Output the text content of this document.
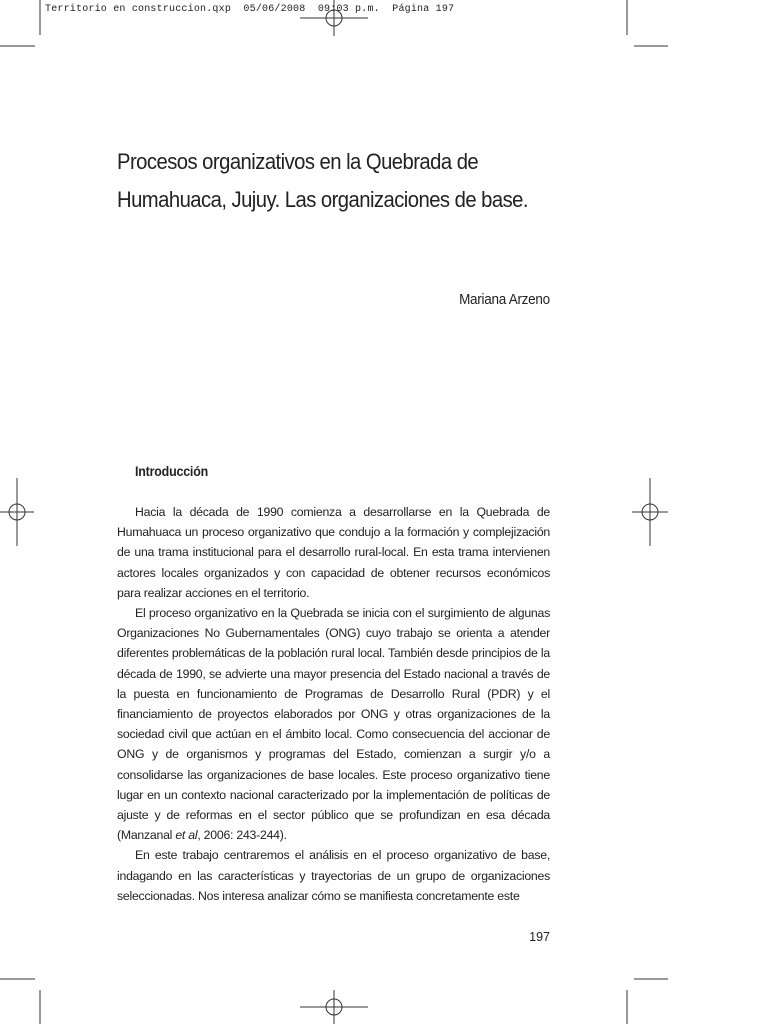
Territorio en construccion.qxp  05/06/2008  09:03 p.m.  Página 197
Procesos organizativos en la Quebrada de
Humahuaca, Jujuy. Las organizaciones de base.
Mariana Arzeno
Introducción

Hacia la década de 1990 comienza a desarrollarse en la Quebrada de Humahuaca un proceso organizativo que condujo a la formación y complejización de una trama institucional para el desarrollo rural-local. En esta trama intervienen actores locales organizados y con capacidad de obtener recursos económicos para realizar acciones en el territorio.

El proceso organizativo en la Quebrada se inicia con el surgimiento de algunas Organizaciones No Gubernamentales (ONG) cuyo trabajo se orienta a atender diferentes problemáticas de la población rural local. También desde principios de la década de 1990, se advierte una mayor presencia del Estado nacional a través de la puesta en funcionamiento de Programas de Desarrollo Rural (PDR) y el financiamiento de proyectos elaborados por ONG y otras organizaciones de la sociedad civil que actúan en el ámbito local. Como consecuencia del accionar de ONG y de organismos y programas del Estado, comienzan a surgir y/o a consolidarse las organizaciones de base locales. Este proceso organizativo tiene lugar en un contexto nacional caracterizado por la implementación de políticas de ajuste y de reformas en el sector público que se profundizan en esa década (Manzanal et al, 2006: 243-244).

En este trabajo centraremos el análisis en el proceso organizativo de base, indagando en las características y trayectorias de un grupo de organizaciones seleccionadas. Nos interesa analizar cómo se manifiesta concretamente este

197
